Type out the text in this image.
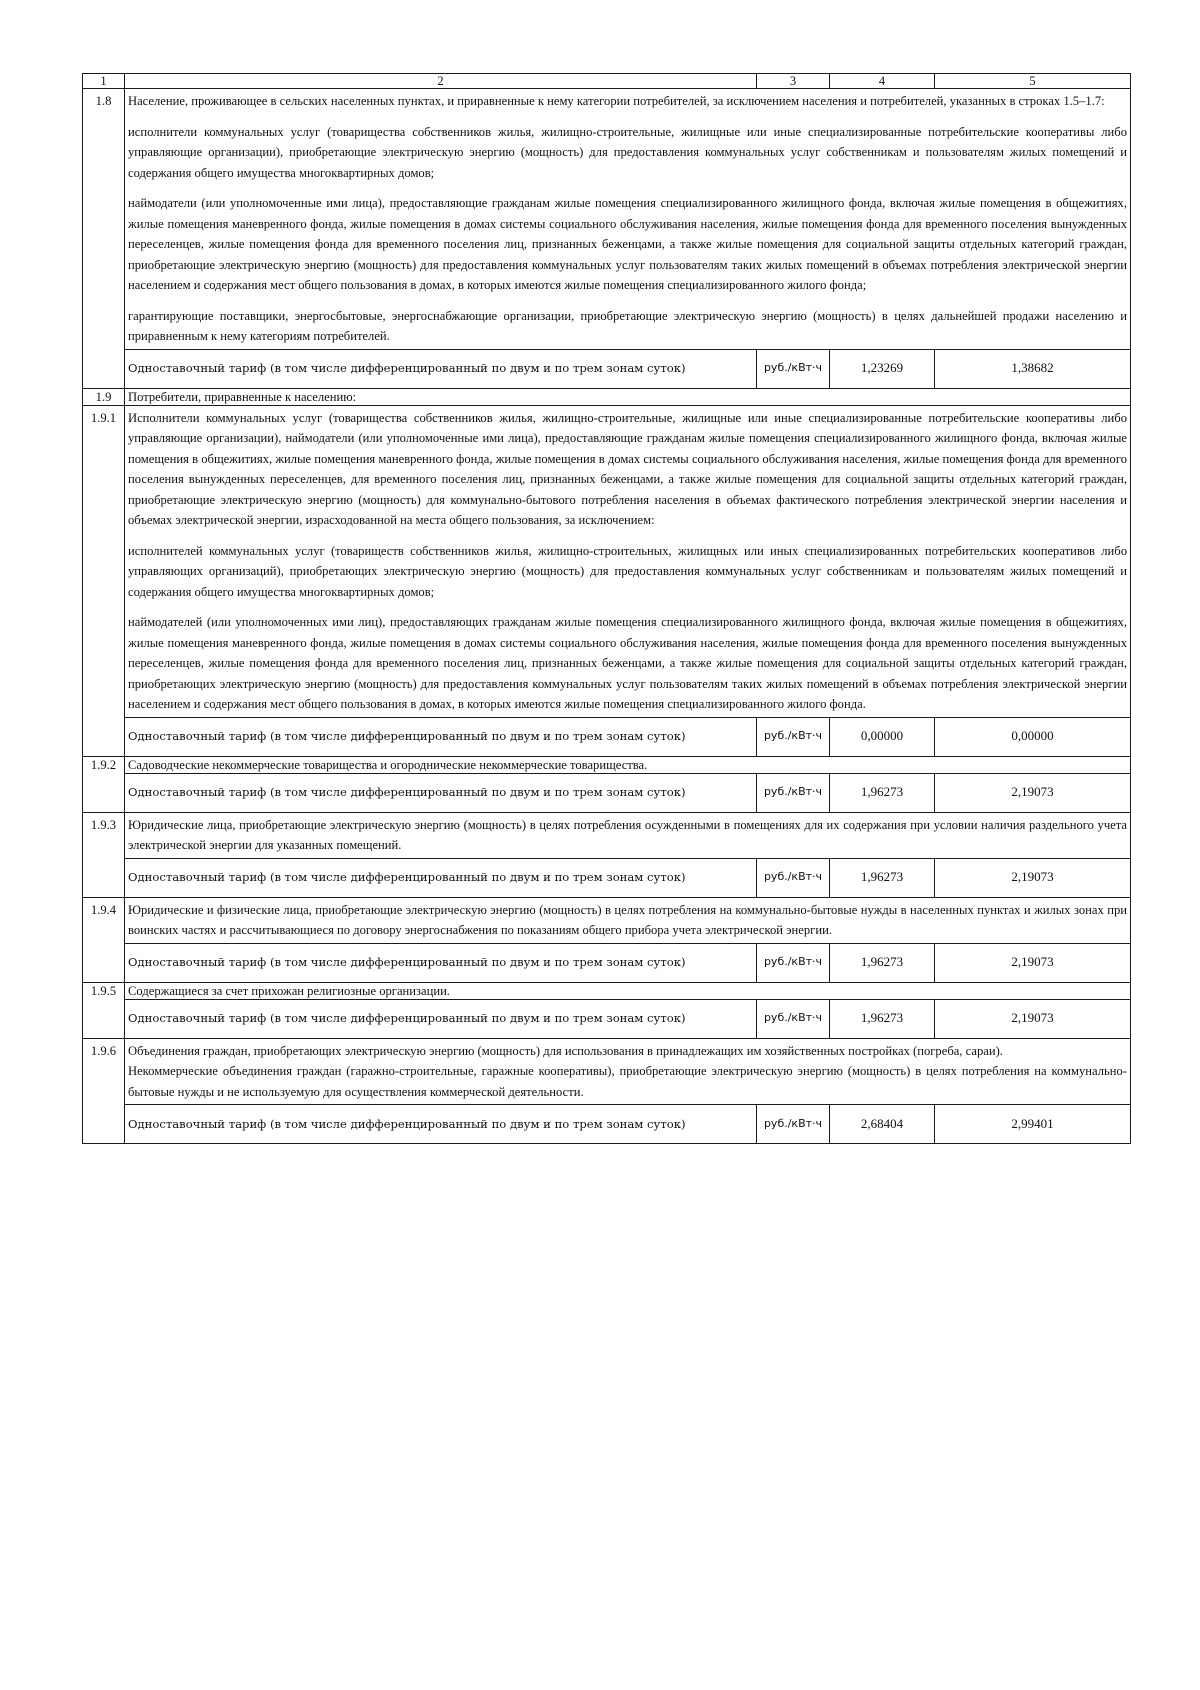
1	2	3	4	5
1.8	Население, проживающее в сельских населенных пунктах, и приравненные к нему категории потребителей, за исключением населения и потребителей, указанных в строках 1.5–1.7:

исполнители коммунальных услуг (товарищества собственников жилья, жилищно-строительные, жилищные или иные специализированные потребительские кооперативы либо управляющие организации), приобретающие электрическую энергию (мощность) для предоставления коммунальных услуг собственникам и пользователям жилых помещений и содержания общего имущества многоквартирных домов;

наймодатели (или уполномоченные ими лица), предоставляющие гражданам жилые помещения специализированного жилищного фонда, включая жилые помещения в общежитиях, жилые помещения маневренного фонда, жилые помещения в домах системы социального обслуживания населения, жилые помещения фонда для временного поселения вынужденных переселенцев, жилые помещения фонда для временного поселения лиц, признанных беженцами, а также жилые помещения для социальной защиты отдельных категорий граждан, приобретающие электрическую энергию (мощность) для предоставления коммунальных услуг пользователям таких жилых помещений в объемах потребления электрической энергии населением и содержания мест общего пользования в домах, в которых имеются жилые помещения специализированного жилого фонда;

гарантирующие поставщики, энергосбытовые, энергоснабжающие организации, приобретающие электрическую энергию (мощность) в целях дальнейшей продажи населению и приравненным к нему категориям потребителей.			

	Одноставочный тариф (в том числе дифференцированный по двум и по трем зонам суток)	руб./кВт·ч	1,23269	1,38682
1.9	Потребители, приравненные к населению:			

1.9.1	Исполнители коммунальных услуг (товарищества собственников жилья, жилищно-строительные, жилищные или иные специализированные потребительские кооперативы либо управляющие организации), наймодатели (или уполномоченные ими лица), предоставляющие гражданам жилые помещения специализированного жилищного фонда, включая жилые помещения в общежитиях, жилые помещения маневренного фонда, жилые помещения в домах системы социального обслуживания населения, жилые помещения фонда для временного поселения вынужденных переселенцев, для временного поселения лиц, признанных беженцами, а также жилые помещения для социальной защиты отдельных категорий граждан, приобретающие электрическую энергию (мощность) для коммунально-бытового потребления населения в объемах фактического потребления электрической энергии населения и объемах электрической энергии, израсходованной на места общего пользования, за исключением:

исполнителей коммунальных услуг (товариществ собственников жилья, жилищно-строительных, жилищных или иных специализированных потребительских кооперативов либо управляющих организаций), приобретающих электрическую энергию (мощность) для предоставления коммунальных услуг собственникам и пользователям жилых помещений и содержания общего имущества многоквартирных домов;

наймодателей (или уполномоченных ими лиц), предоставляющих гражданам жилые помещения специализированного жилищного фонда, включая жилые помещения в общежитиях, жилые помещения маневренного фонда, жилые помещения в домах системы социального обслуживания населения, жилые помещения фонда для временного поселения вынужденных переселенцев, жилые помещения фонда для временного поселения лиц, признанных беженцами, а также жилые помещения для социальной защиты отдельных категорий граждан, приобретающих электрическую энергию (мощность) для предоставления коммунальных услуг пользователям таких жилых помещений в объемах потребления электрической энергии населением и содержания мест общего пользования в домах, в которых имеются жилые помещения специализированного жилого фонда.			

	Одноставочный тариф (в том числе дифференцированный по двум и по трем зонам суток)	руб./кВт·ч	0,00000	0,00000
1.9.2	Садоводческие некоммерческие товарищества и огороднические некоммерческие товарищества.			

	Одноставочный тариф (в том числе дифференцированный по двум и по трем зонам суток)	руб./кВт·ч	1,96273	2,19073
1.9.3	Юридические лица, приобретающие электрическую энергию (мощность) в целях потребления осужденными в помещениях для их содержания при условии наличия раздельного учета электрической энергии для указанных помещений.			

	Одноставочный тариф (в том числе дифференцированный по двум и по трем зонам суток)	руб./кВт·ч	1,96273	2,19073
1.9.4	Юридические и физические лица, приобретающие электрическую энергию (мощность) в целях потребления на коммунально-бытовые нужды в населенных пунктах и жилых зонах при воинских частях и рассчитывающиеся по договору энергоснабжения по показаниям общего прибора учета электрической энергии.			

	Одноставочный тариф (в том числе дифференцированный по двум и по трем зонам суток)	руб./кВт·ч	1,96273	2,19073
1.9.5	Содержащиеся за счет прихожан религиозные организации.			

	Одноставочный тариф (в том числе дифференцированный по двум и по трем зонам суток)	руб./кВт·ч	1,96273	2,19073
1.9.6	Объединения граждан, приобретающих электрическую энергию (мощность) для использования в принадлежащих им хозяйственных постройках (погреба, сараи).

Некоммерческие объединения граждан (гаражно-строительные, гаражные кооперативы), приобретающие электрическую энергию (мощность) в целях потребления на коммунально-бытовые нужды и не используемую для осуществления коммерческой деятельности.			

	Одноставочный тариф (в том числе дифференцированный по двум и по трем зонам суток)	руб./кВт·ч	2,68404	2,99401
